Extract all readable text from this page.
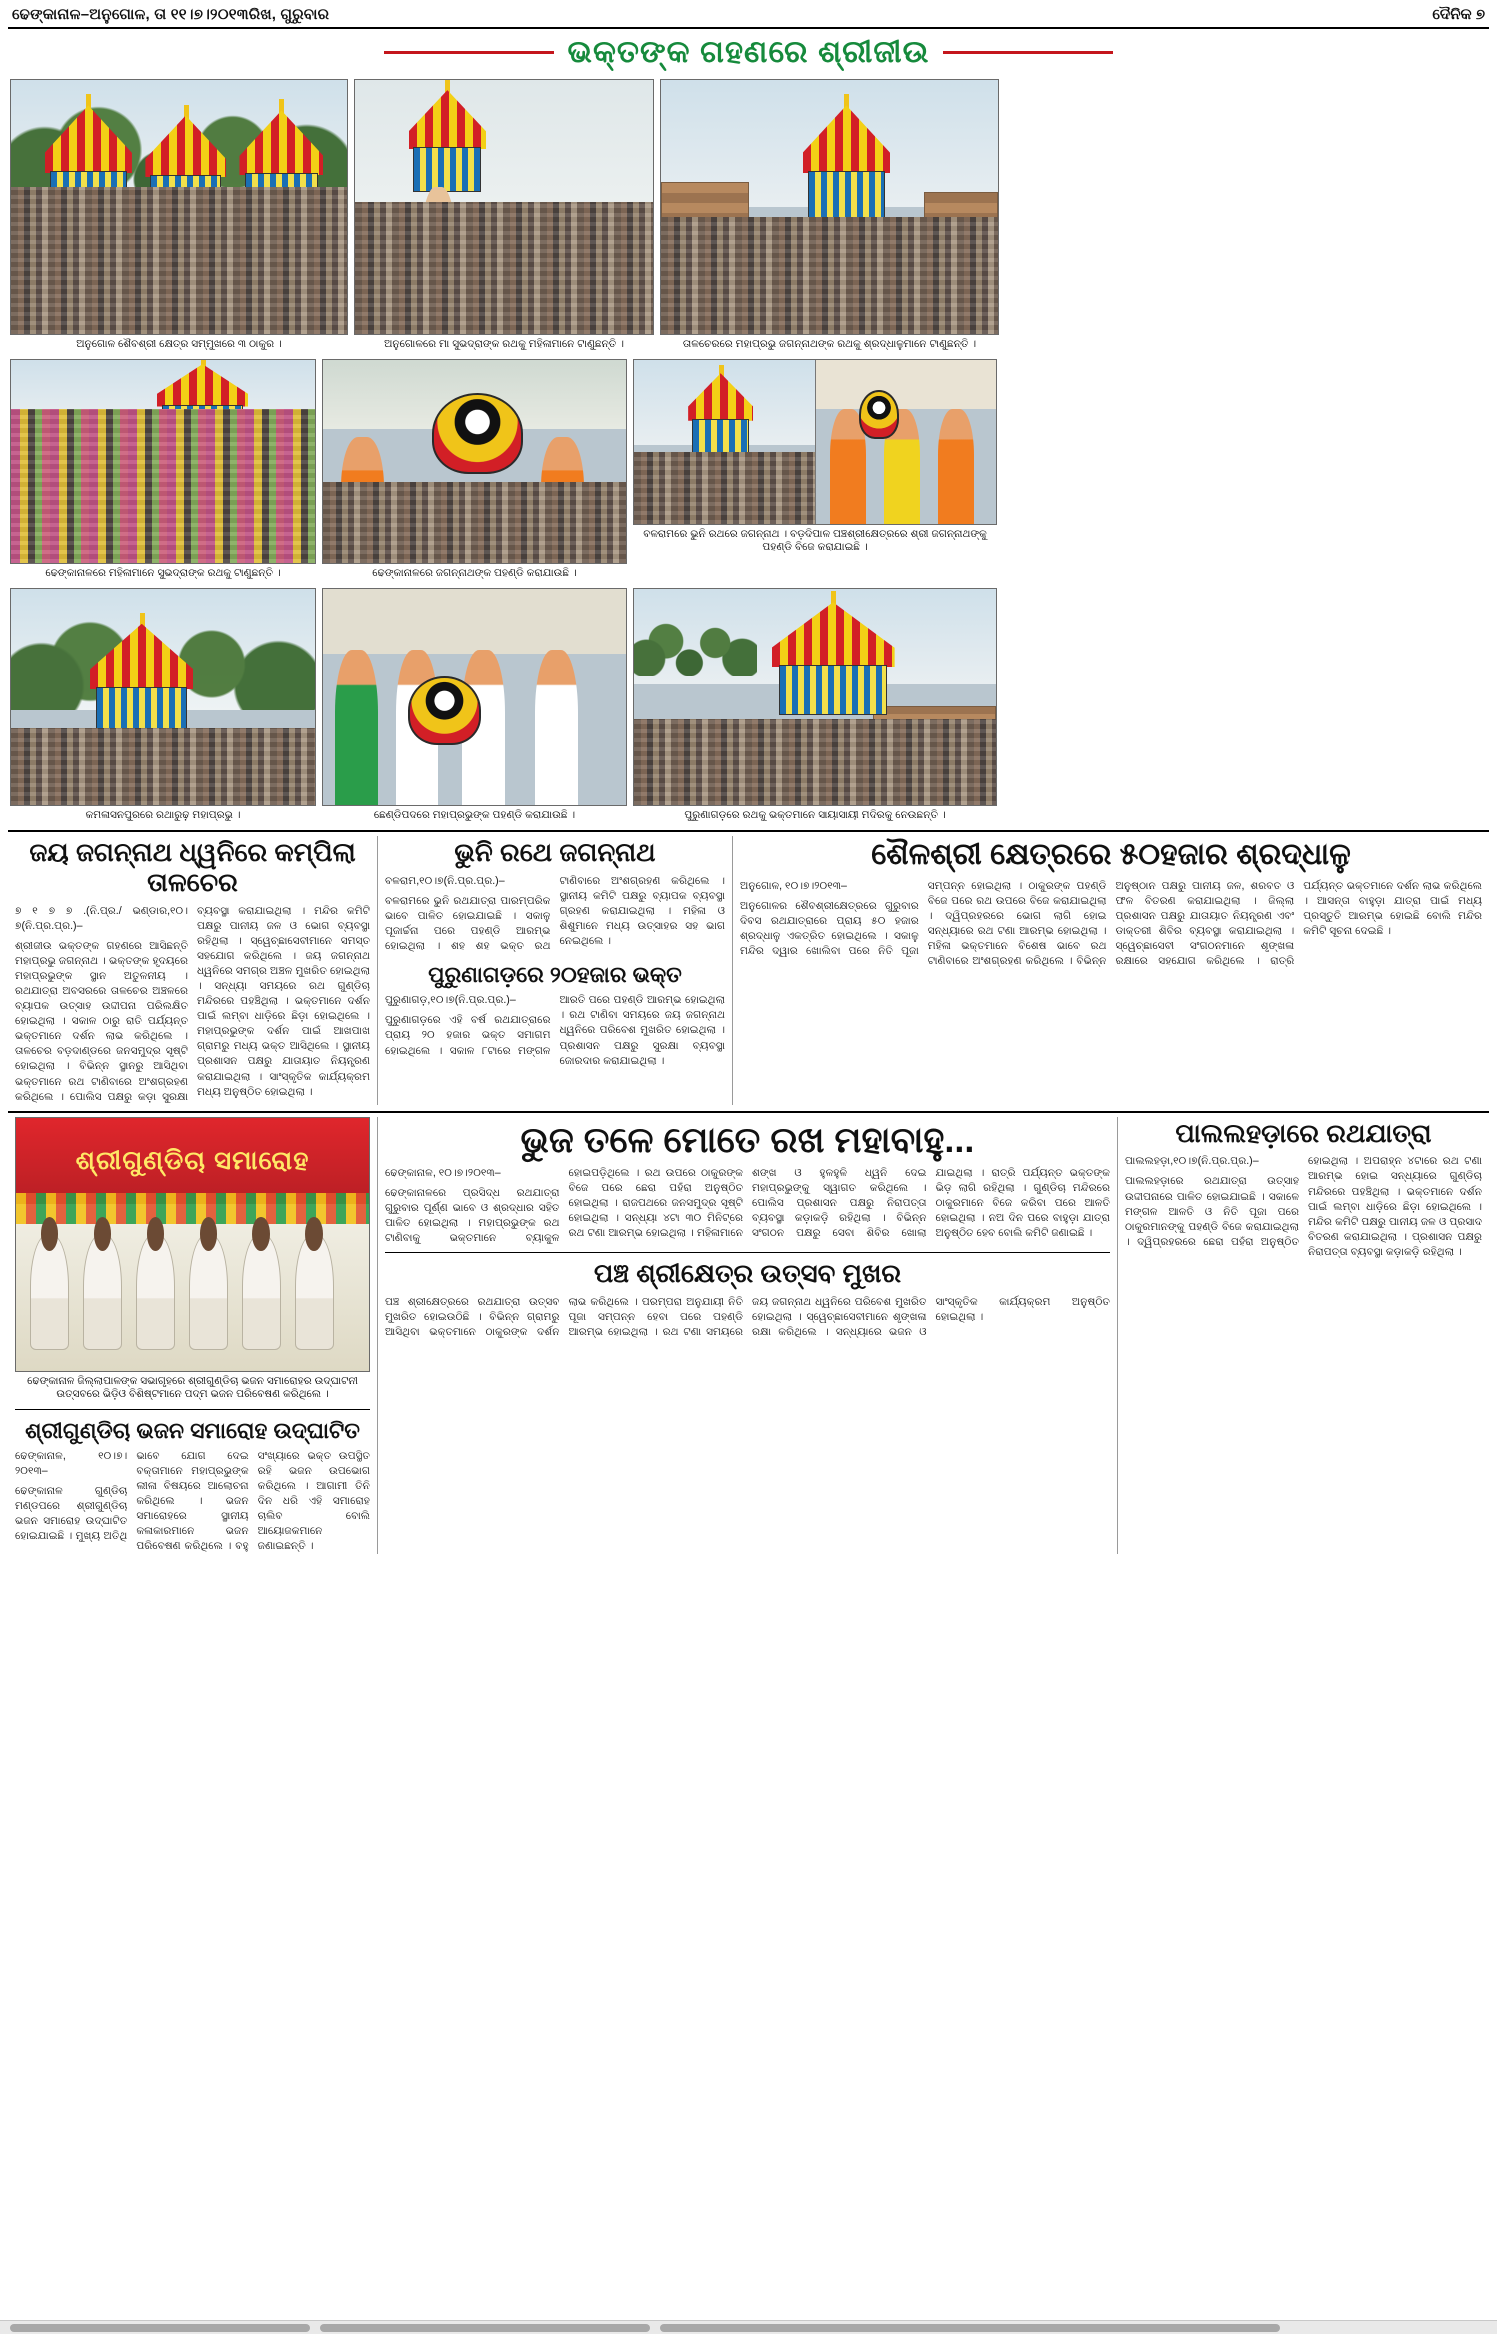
ଢେଙ୍କାନାଳ–ଅନୁଗୋଳ, ତା ୧୧।୭।୨୦୧୩ରିଖ, ଗୁରୁବାର	ଦୈନିକ ୭
ଭକ୍ତଙ୍କ ଗହଣରେ ଶ୍ରୀଜୀଉ
ଅନୁଗୋଳ ଶୈବଶ୍ରୀ କ୍ଷେତ୍ର ସମ୍ମୁଖରେ ୩ ଠାକୁର ।	ଅନୁଗୋଳରେ ମା ସୁଭଦ୍ରାଙ୍କ ରଥକୁ ମହିଳାମାନେ ଟାଣୁଛନ୍ତି ।	ତାଳଚେରରେ ମହାପ୍ରଭୁ ଜଗନ୍ନାଥଙ୍କ ରଥକୁ ଶ୍ରଦ୍ଧାଳୁମାନେ ଟାଣୁଛନ୍ତି ।
ଢେଙ୍କାନାଳରେ ମହିଳାମାନେ ସୁଭଦ୍ରାଙ୍କ ରଥକୁ ଟାଣୁଛନ୍ତି ।	ଢେଙ୍କାନାଳରେ ଜଗନ୍ନାଥଙ୍କ ପହଣ୍ଡି କରାଯାଉଛି ।
ବଳରାମରେ ଭୁନି ରଥରେ ଜଗନ୍ନାଥ । ବଡ଼ଦିପାଳ ପଞ୍ଚଶ୍ରୀକ୍ଷେତ୍ରରେ ଶ୍ରୀ ଜଗନ୍ନାଥଙ୍କୁ ପହଣ୍ଡି ବିଜେ କରାଯାଇଛି ।
କମଳାସନପୁରରେ ରଥାରୁଢ଼ ମହାପ୍ରଭୁ ।	ଛେଣ୍ଡିପଦରେ ମହାପ୍ରଭୁଙ୍କ ପହଣ୍ଡି କରାଯାଉଛି ।	ପୁରୁଣାଗଡ଼ରେ ରଥକୁ ଭକ୍ତମାନେ ସାୟାସାୟୀ ମଦିରକୁ ନେଉଛନ୍ତି ।
ଜୟ ଜଗନ୍ନାଥ ଧ୍ୱନିରେ କମ୍ପିଲା ତାଳଚେର

୭ ୧ ୭ ୭ .(ନି.ପ୍ର./ ଭଣ୍ଡାର,୧୦।୭(ନି.ପ୍ର.ପ୍ର.)–

ଶ୍ରୀଜୀଉ ଭକ୍ତଙ୍କ ଗହଣରେ ଆସିଛନ୍ତି ମହାପ୍ରଭୁ ଜଗନ୍ନାଥ । ଭକ୍ତଙ୍କ ହୃଦୟରେ ମହାପ୍ରଭୁଙ୍କ ସ୍ଥାନ ଅତୁଳନୀୟ । ରଥଯାତ୍ରା ଅବସରରେ ତାଳଚେର ଅଞ୍ଚଳରେ ବ୍ୟାପକ ଉତ୍ସାହ ଉଦ୍ଦୀପନା ପରିଲକ୍ଷିତ ହୋଇଥିଲା । ସକାଳ ଠାରୁ ରାତି ପର୍ଯ୍ୟନ୍ତ ଭକ୍ତମାନେ ଦର୍ଶନ ଲାଭ କରିଥିଲେ । ତାଳଚେର ବଡ଼ଦାଣ୍ଡରେ ଜନସମୁଦ୍ର ସୃଷ୍ଟି ହୋଇଥିଲା । ବିଭିନ୍ନ ସ୍ଥାନରୁ ଆସିଥିବା ଭକ୍ତମାନେ ରଥ ଟାଣିବାରେ ଅଂଶଗ୍ରହଣ କରିଥିଲେ । ପୋଲିସ ପକ୍ଷରୁ କଡ଼ା ସୁରକ୍ଷା ବ୍ୟବସ୍ଥା କରାଯାଇଥିଲା । ମନ୍ଦିର କମିଟି ପକ୍ଷରୁ ପାନୀୟ ଜଳ ଓ ଭୋଗ ବ୍ୟବସ୍ଥା ରହିଥିଲା । ସ୍ୱେଚ୍ଛାସେବୀମାନେ ସମସ୍ତ ସହଯୋଗ କରିଥିଲେ । ଜୟ ଜଗନ୍ନାଥ ଧ୍ୱନିରେ ସମଗ୍ର ଅଞ୍ଚଳ ମୁଖରିତ ହୋଇଥିଲା । ସନ୍ଧ୍ୟା ସମୟରେ ରଥ ଗୁଣ୍ଡିଚା ମନ୍ଦିରରେ ପହଞ୍ଚିଥିଲା । ଭକ୍ତମାନେ ଦର୍ଶନ ପାଇଁ ଲମ୍ବା ଧାଡ଼ିରେ ଛିଡ଼ା ହୋଇଥିଲେ । ମହାପ୍ରଭୁଙ୍କ ଦର୍ଶନ ପାଇଁ ଆଖପାଖ ଗ୍ରାମରୁ ମଧ୍ୟ ଭକ୍ତ ଆସିଥିଲେ । ସ୍ଥାନୀୟ ପ୍ରଶାସନ ପକ୍ଷରୁ ଯାତାୟାତ ନିୟନ୍ତ୍ରଣ କରାଯାଇଥିଲା । ସାଂସ୍କୃତିକ କାର୍ଯ୍ୟକ୍ରମ ମଧ୍ୟ ଅନୁଷ୍ଠିତ ହୋଇଥିଲା ।

ଭୁନି ରଥେ ଜଗନ୍ନାଥ

ବଳରାମ,୧୦।୭(ନି.ପ୍ର.ପ୍ର.)–

ବଳରାମରେ ଭୁନି ରଥଯାତ୍ରା ପାରମ୍ପରିକ ଭାବେ ପାଳିତ ହୋଇଯାଇଛି । ସକାଳୁ ପୂଜାର୍ଚ୍ଚନା ପରେ ପହଣ୍ଡି ଆରମ୍ଭ ହୋଇଥିଲା । ଶହ ଶହ ଭକ୍ତ ରଥ ଟାଣିବାରେ ଅଂଶଗ୍ରହଣ କରିଥିଲେ । ସ୍ଥାନୀୟ କମିଟି ପକ୍ଷରୁ ବ୍ୟାପକ ବ୍ୟବସ୍ଥା ଗ୍ରହଣ କରାଯାଇଥିଲା । ମହିଳା ଓ ଶିଶୁମାନେ ମଧ୍ୟ ଉତ୍ସାହର ସହ ଭାଗ ନେଇଥିଲେ ।

ପୁରୁଣାଗଡ଼ରେ ୨୦ହଜାର ଭକ୍ତ

ପୁରୁଣାଗଡ଼,୧୦।୭(ନି.ପ୍ର.ପ୍ର.)–

ପୁରୁଣାଗଡ଼ରେ ଏହି ବର୍ଷ ରଥଯାତ୍ରାରେ ପ୍ରାୟ ୨୦ ହଜାର ଭକ୍ତ ସମାଗମ ହୋଇଥିଲେ । ସକାଳ ୮ଟାରେ ମଙ୍ଗଳ ଆରତି ପରେ ପହଣ୍ଡି ଆରମ୍ଭ ହୋଇଥିଲା । ରଥ ଟାଣିବା ସମୟରେ ଜୟ ଜଗନ୍ନାଥ ଧ୍ୱନିରେ ପରିବେଶ ମୁଖରିତ ହୋଇଥିଲା । ପ୍ରଶାସନ ପକ୍ଷରୁ ସୁରକ୍ଷା ବ୍ୟବସ୍ଥା ଜୋରଦାର କରାଯାଇଥିଲା ।

ଶୈଳଶ୍ରୀ କ୍ଷେତ୍ରରେ ୫୦ହଜାର ଶ୍ରଦ୍ଧାଳୁ

ଅନୁଗୋଳ, ୧୦।୭।୨୦୧୩–

ଅନୁଗୋଳର ଶୈବଶ୍ରୀକ୍ଷେତ୍ରରେ ଗୁରୁବାର ଦିବସ ରଥଯାତ୍ରାରେ ପ୍ରାୟ ୫୦ ହଜାର ଶ୍ରଦ୍ଧାଳୁ ଏକତ୍ରିତ ହୋଇଥିଲେ । ସକାଳୁ ମନ୍ଦିର ଦ୍ୱାର ଖୋଲିବା ପରେ ନିତି ପୂଜା ସମ୍ପନ୍ନ ହୋଇଥିଲା । ଠାକୁରଙ୍କ ପହଣ୍ଡି ବିଜେ ପରେ ରଥ ଉପରେ ବିଜେ କରାଯାଇଥିଲା । ଦ୍ୱିପ୍ରହରରେ ଭୋଗ ଲାଗି ହୋଇ ସନ୍ଧ୍ୟାରେ ରଥ ଟଣା ଆରମ୍ଭ ହୋଇଥିଲା । ମହିଳା ଭକ୍ତମାନେ ବିଶେଷ ଭାବେ ରଥ ଟାଣିବାରେ ଅଂଶଗ୍ରହଣ କରିଥିଲେ । ବିଭିନ୍ନ ଅନୁଷ୍ଠାନ ପକ୍ଷରୁ ପାନୀୟ ଜଳ, ଶରବତ ଓ ଫଳ ବିତରଣ କରାଯାଇଥିଲା । ଜିଲ୍ଲା ପ୍ରଶାସନ ପକ୍ଷରୁ ଯାତାୟାତ ନିୟନ୍ତ୍ରଣ ଏବଂ ଡାକ୍ତରୀ ଶିବିର ବ୍ୟବସ୍ଥା କରାଯାଇଥିଲା । ସ୍ୱେଚ୍ଛାସେବୀ ସଂଗଠନମାନେ ଶୃଙ୍ଖଳା ରକ୍ଷାରେ ସହଯୋଗ କରିଥିଲେ । ରାତ୍ରି ପର୍ଯ୍ୟନ୍ତ ଭକ୍ତମାନେ ଦର୍ଶନ ଲାଭ କରିଥିଲେ । ଆସନ୍ତା ବାହୁଡ଼ା ଯାତ୍ରା ପାଇଁ ମଧ୍ୟ ପ୍ରସ୍ତୁତି ଆରମ୍ଭ ହୋଇଛି ବୋଲି ମନ୍ଦିର କମିଟି ସୂଚନା ଦେଇଛି ।

ଶ୍ରୀଗୁଣ୍ଡିଚା ସମାରୋହ
ଢେଙ୍କାନାଳ ଜିଲ୍ଲାପାଳଙ୍କ ସଭାଗୃହରେ ଶ୍ରୀଗୁଣ୍ଡିଚା ଭଜନ ସମାରୋହର ଉଦ୍‌ଘାଟନୀ ଉତ୍ସବରେ ଭିଡ଼ିଓ ବିଶିଷ୍ଟମାନେ ପଦ୍ମ ଭଜନ ପରିବେଷଣ କରିଥିଲେ ।
ଶ୍ରୀଗୁଣ୍ଡିଚା ଭଜନ ସମାରୋହ ଉଦ୍‌ଘାଟିତ

ଢେଙ୍କାନାଳ, ୧୦।୭।୨୦୧୩–

ଢେଙ୍କାନାଳ ଗୁଣ୍ଡିଚା ମଣ୍ଡପରେ ଶ୍ରୀଗୁଣ୍ଡିଚା ଭଜନ ସମାରୋହ ଉଦ୍‌ଘାଟିତ ହୋଇଯାଇଛି । ମୁଖ୍ୟ ଅତିଥି ଭାବେ ଯୋଗ ଦେଇ ବକ୍ତାମାନେ ମହାପ୍ରଭୁଙ୍କ ଲୀଳା ବିଷୟରେ ଆଲୋଚନା କରିଥିଲେ । ଭଜନ ସମାରୋହରେ ସ୍ଥାନୀୟ କଳାକାରମାନେ ଭଜନ ପରିବେଷଣ କରିଥିଲେ । ବହୁ ସଂଖ୍ୟାରେ ଭକ୍ତ ଉପସ୍ଥିତ ରହି ଭଜନ ଉପଭୋଗ କରିଥିଲେ । ଆଗାମୀ ତିନି ଦିନ ଧରି ଏହି ସମାରୋହ ଚାଲିବ ବୋଲି ଆୟୋଜକମାନେ ଜଣାଇଛନ୍ତି ।

ଭୁଜ ତଳେ ମୋତେ ରଖ ମହାବାହୁ...

ଢେଙ୍କାନାଳ, ୧୦।୭।୨୦୧୩–

ଢେଙ୍କାନାଳରେ ପ୍ରସିଦ୍ଧ ରଥଯାତ୍ରା ଗୁରୁବାର ପୂର୍ଣ୍ଣ ଭାବେ ଓ ଶ୍ରଦ୍ଧାର ସହିତ ପାଳିତ ହୋଇଥିଲା । ମହାପ୍ରଭୁଙ୍କ ରଥ ଟାଣିବାକୁ ଭକ୍ତମାନେ ବ୍ୟାକୁଳ ହୋଇପଡ଼ିଥିଲେ । ରଥ ଉପରେ ଠାକୁରଙ୍କ ବିଜେ ପରେ ଛେରା ପହଁରା ଅନୁଷ୍ଠିତ ହୋଇଥିଲା । ରାଜପଥରେ ଜନସମୁଦ୍ର ସୃଷ୍ଟି ହୋଇଥିଲା । ସନ୍ଧ୍ୟା ୪ଟା ୩୦ ମିନିଟ୍‌ରେ ରଥ ଟଣା ଆରମ୍ଭ ହୋଇଥିଲା । ମହିଳାମାନେ ଶଙ୍ଖ ଓ ହୁଳହୁଳି ଧ୍ୱନି ଦେଇ ମହାପ୍ରଭୁଙ୍କୁ ସ୍ୱାଗତ କରିଥିଲେ । ପୋଲିସ ପ୍ରଶାସନ ପକ୍ଷରୁ ନିରାପତ୍ତା ବ୍ୟବସ୍ଥା କଡ଼ାକଡ଼ି ରହିଥିଲା । ବିଭିନ୍ନ ସଂଗଠନ ପକ୍ଷରୁ ସେବା ଶିବିର ଖୋଲା ଯାଇଥିଲା । ରାତ୍ରି ପର୍ଯ୍ୟନ୍ତ ଭକ୍ତଙ୍କ ଭିଡ଼ ଲାଗି ରହିଥିଲା । ଗୁଣ୍ଡିଚା ମନ୍ଦିରରେ ଠାକୁରମାନେ ବିଜେ କରିବା ପରେ ଆଳତି ହୋଇଥିଲା । ନଅ ଦିନ ପରେ ବାହୁଡ଼ା ଯାତ୍ରା ଅନୁଷ୍ଠିତ ହେବ ବୋଲି କମିଟି ଜଣାଇଛି ।

ପଞ୍ଚ ଶ୍ରୀକ୍ଷେତ୍ର ଉତ୍ସବ ମୁଖର

ପଞ୍ଚ ଶ୍ରୀକ୍ଷେତ୍ରରେ ରଥଯାତ୍ରା ଉତ୍ସବ ମୁଖରିତ ହୋଇଉଠିଛି । ବିଭିନ୍ନ ଗ୍ରାମରୁ ଆସିଥିବା ଭକ୍ତମାନେ ଠାକୁରଙ୍କ ଦର୍ଶନ ଲାଭ କରିଥିଲେ । ପରମ୍ପରା ଅନୁଯାୟୀ ନିତି ପୂଜା ସମ୍ପନ୍ନ ହେବା ପରେ ପହଣ୍ଡି ଆରମ୍ଭ ହୋଇଥିଲା । ରଥ ଟଣା ସମୟରେ ଜୟ ଜଗନ୍ନାଥ ଧ୍ୱନିରେ ପରିବେଶ ମୁଖରିତ ହୋଇଥିଲା । ସ୍ୱେଚ୍ଛାସେବୀମାନେ ଶୃଙ୍ଖଳା ରକ୍ଷା କରିଥିଲେ । ସନ୍ଧ୍ୟାରେ ଭଜନ ଓ ସାଂସ୍କୃତିକ କାର୍ଯ୍ୟକ୍ରମ ଅନୁଷ୍ଠିତ ହୋଇଥିଲା ।

ପାଲଲହଡ଼ାରେ ରଥଯାତ୍ରା

ପାଲଲହଡ଼ା,୧୦।୭(ନି.ପ୍ର.ପ୍ର.)–

ପାଲଲହଡ଼ାରେ ରଥଯାତ୍ରା ଉତ୍ସାହ ଉଦ୍ଦୀପନାରେ ପାଳିତ ହୋଇଯାଇଛି । ସକାଳେ ମଙ୍ଗଳ ଆଳତି ଓ ନିତି ପୂଜା ପରେ ଠାକୁରମାନଙ୍କୁ ପହଣ୍ଡି ବିଜେ କରାଯାଇଥିଲା । ଦ୍ୱିପ୍ରହରରେ ଛେରା ପହଁରା ଅନୁଷ୍ଠିତ ହୋଇଥିଲା । ଅପରାହ୍ନ ୪ଟାରେ ରଥ ଟଣା ଆରମ୍ଭ ହୋଇ ସନ୍ଧ୍ୟାରେ ଗୁଣ୍ଡିଚା ମନ୍ଦିରରେ ପହଞ୍ଚିଥିଲା । ଭକ୍ତମାନେ ଦର୍ଶନ ପାଇଁ ଲମ୍ବା ଧାଡ଼ିରେ ଛିଡ଼ା ହୋଇଥିଲେ । ମନ୍ଦିର କମିଟି ପକ୍ଷରୁ ପାନୀୟ ଜଳ ଓ ପ୍ରସାଦ ବିତରଣ କରାଯାଇଥିଲା । ପ୍ରଶାସନ ପକ୍ଷରୁ ନିରାପତ୍ତା ବ୍ୟବସ୍ଥା କଡ଼ାକଡ଼ି ରହିଥିଲା ।
